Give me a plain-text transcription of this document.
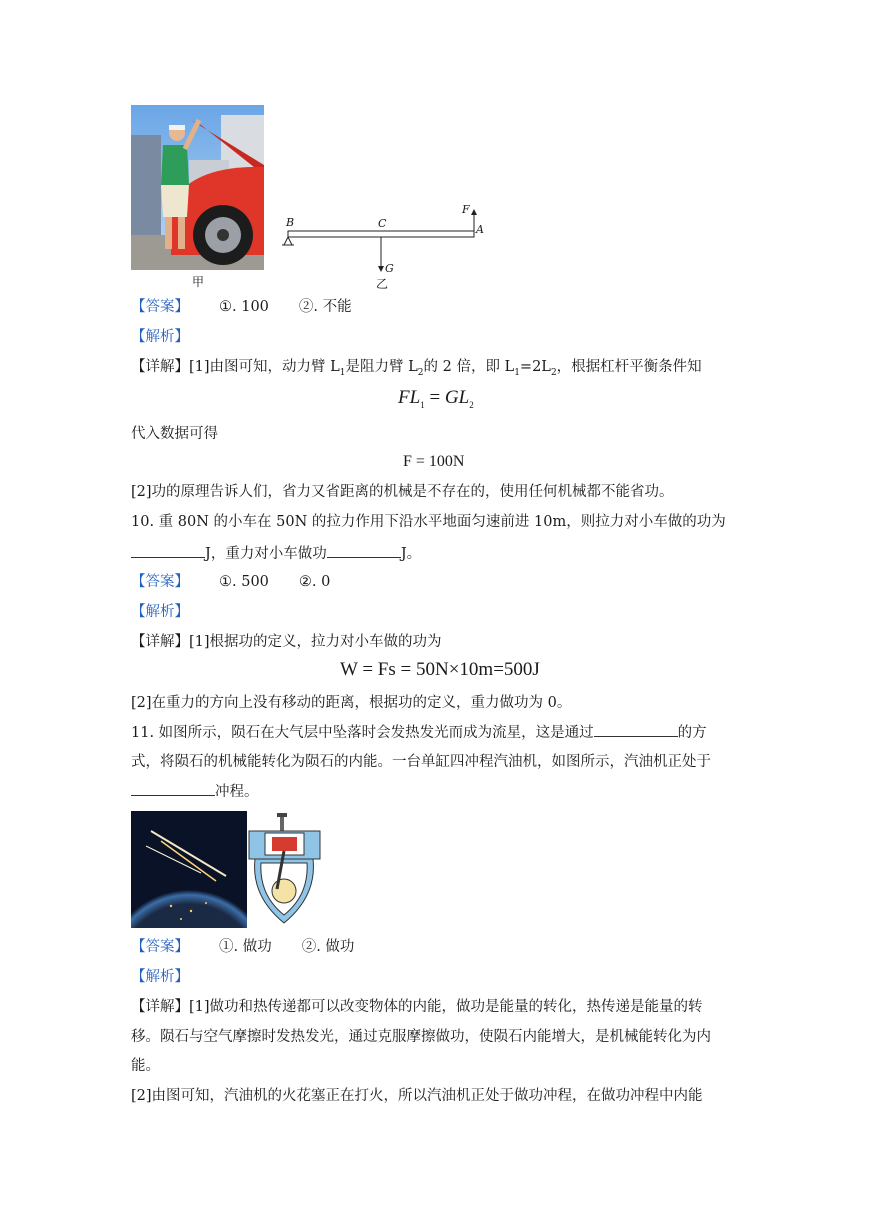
甲
B	C	A
F
G
乙
【答案】 ①. 100 ②. 不能
【解析】
【详解】[1]由图可知，动力臂 $L_1$是阻力臂 $L_2$的 2 倍，即 $L_1=2L_2$，根据杠杆平衡条件知
$FL_1 = GL_2$
代入数据可得
F = 100N
[2]功的原理告诉人们，省力又省距离的机械是不存在的，使用任何机械都不能省功。
10. 重 80N 的小车在 50N 的拉力作用下沿水平地面匀速前进 10m，则拉力对小车做的功为
J，重力对小车做功	J。
【答案】 ①. 500 ②. 0
【解析】
【详解】[1]根据功的定义，拉力对小车做的功为
W = Fs = 50N×10m=500J
[2]在重力的方向上没有移动的距离，根据功的定义，重力做功为 0。
11. 如图所示，陨石在大气层中坠落时会发热发光而成为流星，这是通过	的方
式，将陨石的机械能转化为陨石的内能。一台单缸四冲程汽油机，如图所示，汽油机正处于
冲程。
【答案】 ①. 做功 ②. 做功
【解析】
【详解】[1]做功和热传递都可以改变物体的内能，做功是能量的转化，热传递是能量的转
移。陨石与空气摩擦时发热发光，通过克服摩擦做功，使陨石内能增大，是机械能转化为内
能。
[2]由图可知，汽油机的火花塞正在打火，所以汽油机正处于做功冲程，在做功冲程中内能
